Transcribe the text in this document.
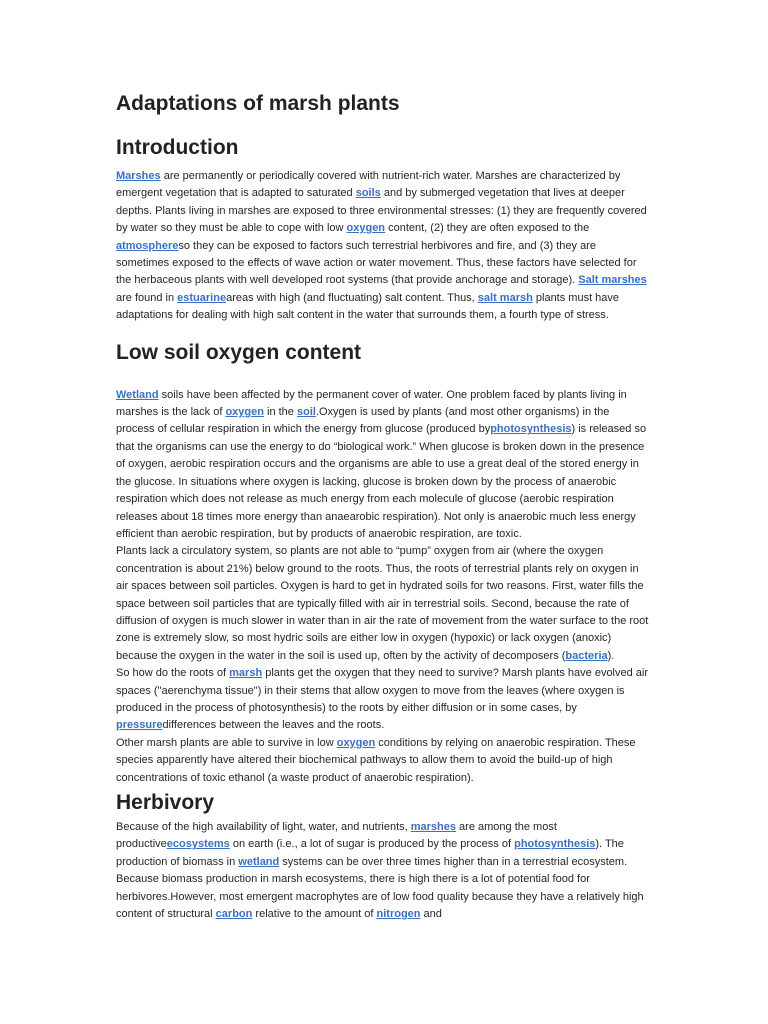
Adaptations of marsh plants
Introduction

Marshes are permanently or periodically covered with nutrient-rich water. Marshes are characterized by emergent vegetation that is adapted to saturated soils and by submerged vegetation that lives at deeper depths. Plants living in marshes are exposed to three environmental stresses: (1) they are frequently covered by water so they must be able to cope with low oxygen content, (2) they are often exposed to the atmosphereso they can be exposed to factors such terrestrial herbivores and fire, and (3) they are sometimes exposed to the effects of wave action or water movement. Thus, these factors have selected for the herbaceous plants with well developed root systems (that provide anchorage and storage). Salt marshes are found in estuarineareas with high (and fluctuating) salt content. Thus, salt marsh plants must have adaptations for dealing with high salt content in the water that surrounds them, a fourth type of stress.

Low soil oxygen content

Wetland soils have been affected by the permanent cover of water. One problem faced by plants living in marshes is the lack of oxygen in the soil.Oxygen is used by plants (and most other organisms) in the process of cellular respiration in which the energy from glucose (produced byphotosynthesis) is released so that the organisms can use the energy to do “biological work.” When glucose is broken down in the presence of oxygen, aerobic respiration occurs and the organisms are able to use a great deal of the stored energy in the glucose. In situations where oxygen is lacking, glucose is broken down by the process of anaerobic respiration which does not release as much energy from each molecule of glucose (aerobic respiration releases about 18 times more energy than anaearobic respiration). Not only is anaerobic much less energy efficient than aerobic respiration, but by products of anaerobic respiration, are toxic.

Plants lack a circulatory system, so plants are not able to “pump” oxygen from air (where the oxygen concentration is about 21%) below ground to the roots. Thus, the roots of terrestrial plants rely on oxygen in air spaces between soil particles. Oxygen is hard to get in hydrated soils for two reasons. First, water fills the space between soil particles that are typically filled with air in terrestrial soils. Second, because the rate of diffusion of oxygen is much slower in water than in air the rate of movement from the water surface to the root zone is extremely slow, so most hydric soils are either low in oxygen (hypoxic) or lack oxygen (anoxic) because the oxygen in the water in the soil is used up, often by the activity of decomposers (bacteria).

So how do the roots of marsh plants get the oxygen that they need to survive? Marsh plants have evolved air spaces ("aerenchyma tissue") in their stems that allow oxygen to move from the leaves (where oxygen is produced in the process of photosynthesis) to the roots by either diffusion or in some cases, by pressuredifferences between the leaves and the roots.

Other marsh plants are able to survive in low oxygen conditions by relying on anaerobic respiration. These species apparently have altered their biochemical pathways to allow them to avoid the build-up of high concentrations of toxic ethanol (a waste product of anaerobic respiration).

Herbivory

Because of the high availability of light, water, and nutrients, marshes are among the most productiveecosystems on earth (i.e., a lot of sugar is produced by the process of photosynthesis). The production of biomass in wetland systems can be over three times higher than in a terrestrial ecosystem. Because biomass production in marsh ecosystems, there is high there is a lot of potential food for herbivores.However, most emergent macrophytes are of low food quality because they have a relatively high content of structural carbon relative to the amount of nitrogen and
